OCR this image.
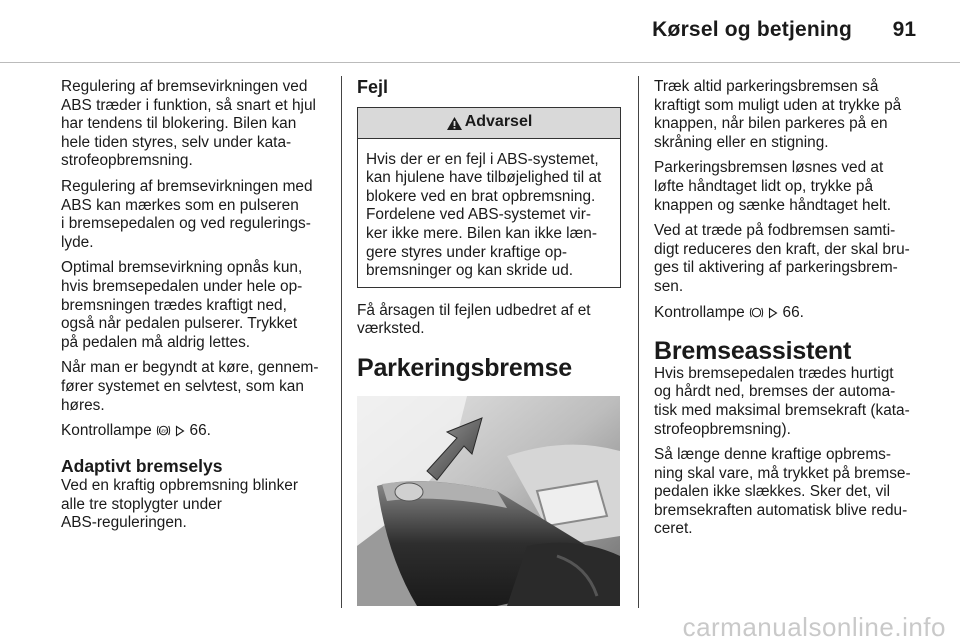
Kørsel og betjening 91

Regulering af bremsevirkningen ved
ABS træder i funktion, så snart et hjul
har tendens til blokering. Bilen kan
hele tiden styres, selv under kata-
strofeopbremsning.

Regulering af bremsevirkningen med
ABS kan mærkes som en pulseren
i bremsepedalen og ved regulerings-
lyde.

Optimal bremsevirkning opnås kun,
hvis bremsepedalen under hele op-
bremsningen trædes kraftigt ned,
også når pedalen pulserer. Trykket
på pedalen må aldrig lettes.

Når man er begyndt at køre, gennem-
fører systemet en selvtest, som kan
høres.

Kontrollampe ABS 66.

Adaptivt bremselys

Ved en kraftig opbremsning blinker
alle tre stoplygter under
ABS-reguleringen.

Fejl
Advarsel
Hvis der er en fejl i ABS-systemet,
kan hjulene have tilbøjelighed til at
blokere ved en brat opbremsning.
Fordelene ved ABS-systemet vir-
ker ikke mere. Bilen kan ikke læn-
gere styres under kraftige op-
bremsninger og kan skride ud.

Få årsagen til fejlen udbedret af et
værksted.

Parkeringsbremse

Træk altid parkeringsbremsen så
kraftigt som muligt uden at trykke på
knappen, når bilen parkeres på en
skråning eller en stigning.

Parkeringsbremsen løsnes ved at
løfte håndtaget lidt op, trykke på
knappen og sænke håndtaget helt.

Ved at træde på fodbremsen samti-
digt reduceres den kraft, der skal bru-
ges til aktivering af parkeringsbrem-
sen.

Kontrollampe 66.

Bremseassistent

Hvis bremsepedalen trædes hurtigt
og hårdt ned, bremses der automa-
tisk med maksimal bremsekraft (kata-
strofeopbremsning).

Så længe denne kraftige opbrems-
ning skal vare, må trykket på bremse-
pedalen ikke slækkes. Sker det, vil
bremsekraften automatisk blive redu-
ceret.

carmanualsonline.info
